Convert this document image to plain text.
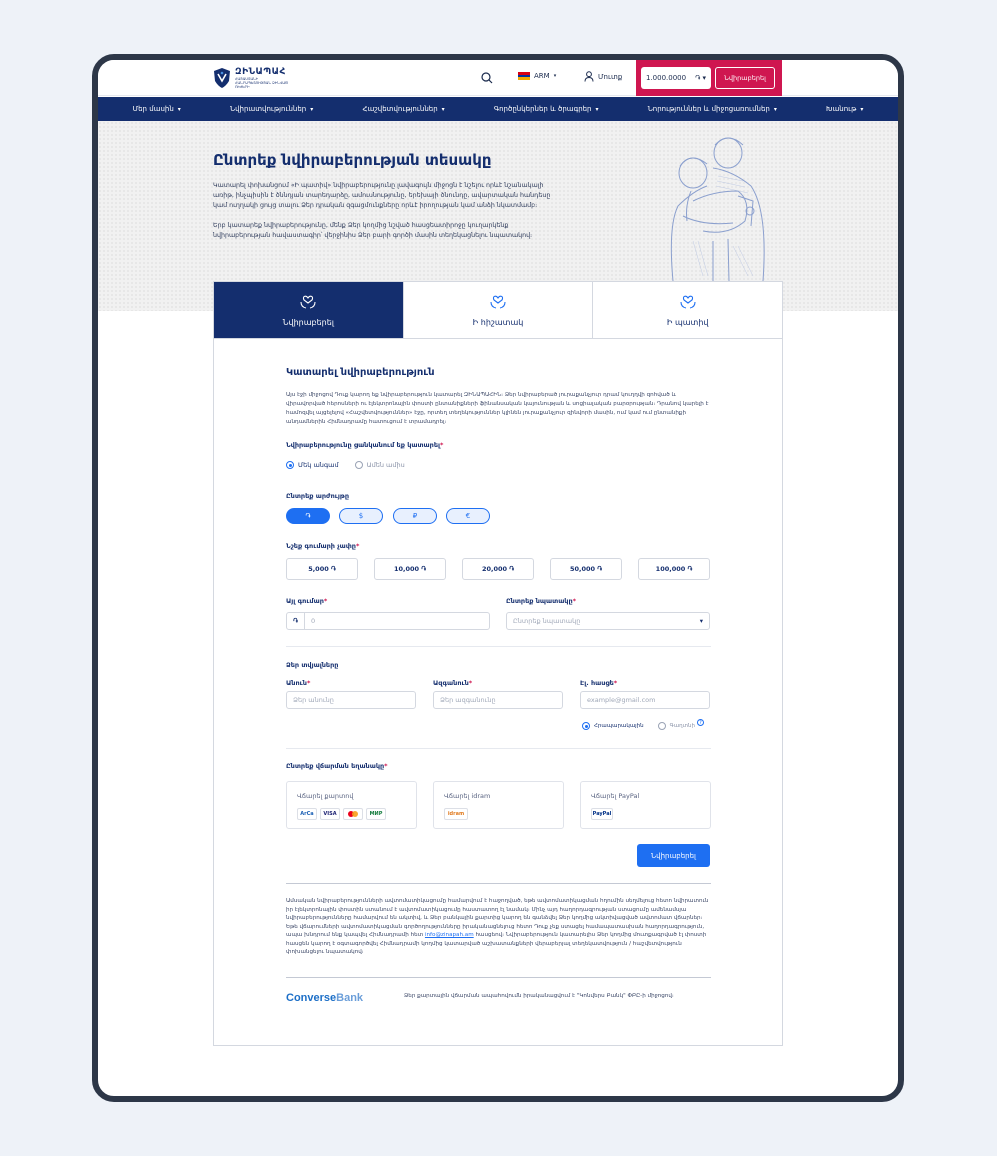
ԶԻՆԱՊԱՀ
ՀԱՅԱՍՏԱՆԻ ՀԱՆՐԱՊԵՏՈՒԹՅԱՆ ԶԻՆՎԱԾ ՈՒԺԵՐԻ
ARM ▾	Մուտք	1.000.0000 ֏ ▾	Նվիրաբերել
Մեր մասին ▾	Նվիրատվություններ ▾	Հաշվետվություններ ▾	Գործընկերներ և ծրագրեր ▾	Նորություններ և միջոցառումներ ▾	Խանութ ▾
Ընտրեք նվիրաբերության տեսակը

Կատարել փոխանցում «Ի պատիվ» նվիրաբերությունը լավագույն միջոցն է նշելու որևէ նշանակալի առիթ, ինչպիսին է ծննդյան տարեդարձը, ամուսնությունը, երեխայի ծնունդը, ավարտական հանդեսը կամ ուղղակի ցույց տալու Ձեր դրական զգացմունքները որևէ իրողության կամ անձի նկատմամբ։

Երբ կատարեք նվիրաբերությունը, մենք Ձեր կողմից նշված հասցեատիրոջը կուղարկենք նվիրաբերության հավաստագիր՝ վերջինիս Ձեր բարի գործի մասին տեղեկացնելու նպատակով։

Նվիրաբերել	Ի հիշատակ	Ի պատիվ
Կատարել նվիրաբերություն
Այս էջի միջոցով Դուք կարող եք նվիրաբերություն կատարել ԶԻՆԱՊԱՀԻՆ։ Ձեր նվիրաբերած յուրաքանչյուր դրամ կուղղվի զոհված և վիրավորված հերոսների ու էլեկտրոնային փոստի ընտանիքների ֆինանսական կայունության և սոցիալական բարօրության։ Դրանով կարելի է համոզվել այցելելով «Հաշվետվություններ» էջը, որտեղ տեղեկություններ կլինեն յուրաքանչյուր զինվորի մասին, ում կամ ում ընտանիքի անդամներին Հիմնադրամը հատուցում է տրամադրել։
Նվիրաբերությունը ցանկանում եք կատարել*
Մեկ անգամ	Ամեն ամիս
Ընտրեք արժույթը
֏	$	₽	€
Նշեք գումարի չափը*
5,000 ֏	10,000 ֏	20,000 ֏	50,000 ֏	100,000 ֏
Այլ գումար*
֏	0
Ընտրեք նպատակը*
Ընտրեք նպատակը	▾
Ձեր տվյալները
Անուն*
Ձեր անունը
Ազգանուն*
Ձեր ազգանունը
Էլ. հասցե*
example@gmail.com
Հրապարակային	Գաղտնի
?
Ընտրեք վճարման եղանակը*
Վճարել քարտով
ArCa	VISA	МИР
Վճարել idram
idram
Վճարել PayPal
PayPal
Նվիրաբերել
Ամսական նվիրաբերությունների ավտոմատիկացումը համարվում է հաջողված, եթե ավտոմատիկացման հղումին սեղմելուց հետո նվիրատուն իր էլեկտրոնային փոստին ստանում է ավտոմատիկացումը հաստատող էլ նամակ։ Մինչ այդ հաղորդագրության ստացումը ամենամսյա նվիրաբերությունները համարվում են ակտիվ, և Ձեր բանկային քարտից կարող են գանձվել Ձեր կողմից ակտիվացված ավտոմատ վճարներ։ Եթե վճարումների ավտոմատիկացման գործողությունները իրականացնելուց հետո Դուք չեք ստացել համապատասխան հաղորդագրություն, ապա խնդրում ենք կապվել Հիմնադրամի հետ info@zinapah.am հասցեով։ Նվիրաբերություն կատարելիս Ձեր կողմից մուտքագրված էլ փոստի հասցեն կարող է օգտագործվել Հիմնադրամի կողմից կատարված աշխատանքների վերաբերյալ տեղեկատվություն / հաշվետվություն փոխանցելու նպատակով։
ConverseBank	Ձեր քարտային վճարման ապահովումն իրականացվում է "Կոնվերս Բանկ" ՓԲԸ-ի միջոցով։
